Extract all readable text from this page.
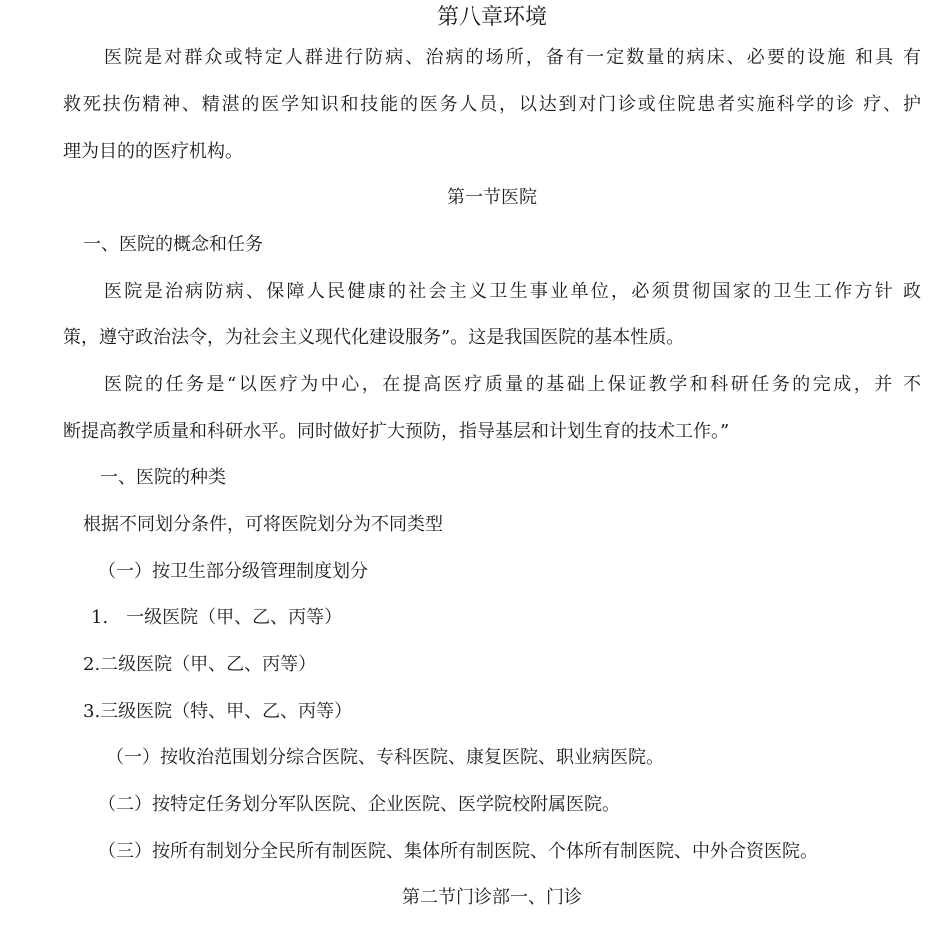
第八章环境
医院是对群众或特定人群进行防病、治病的场所，备有一定数量的病床、必要的设施 和具 有
救死扶伤精神、精湛的医学知识和技能的医务人员，以达到对门诊或住院患者实施科学的诊 疗、护
理为目的的医疗机构。
第一节医院
一、医院的概念和任务
医院是治病防病、保障人民健康的社会主义卫生事业单位，必须贯彻国家的卫生工作方针 政
策，遵守政治法令，为社会主义现代化建设服务”。这是我国医院的基本性质。
医院的任务是“以医疗为中心，在提高医疗质量的基础上保证教学和科研任务的完成，并 不
断提高教学质量和科研水平。同时做好扩大预防，指导基层和计划生育的技术工作。”
一、医院的种类
根据不同划分条件，可将医院划分为不同类型
（一）按卫生部分级管理制度划分
1.　一级医院（甲、乙、丙等）
2.二级医院（甲、乙、丙等）
3.三级医院（特、甲、乙、丙等）
（一）按收治范围划分综合医院、专科医院、康复医院、职业病医院。
（二）按特定任务划分军队医院、企业医院、医学院校附属医院。
（三）按所有制划分全民所有制医院、集体所有制医院、个体所有制医院、中外合资医院。
第二节门诊部一、门诊
